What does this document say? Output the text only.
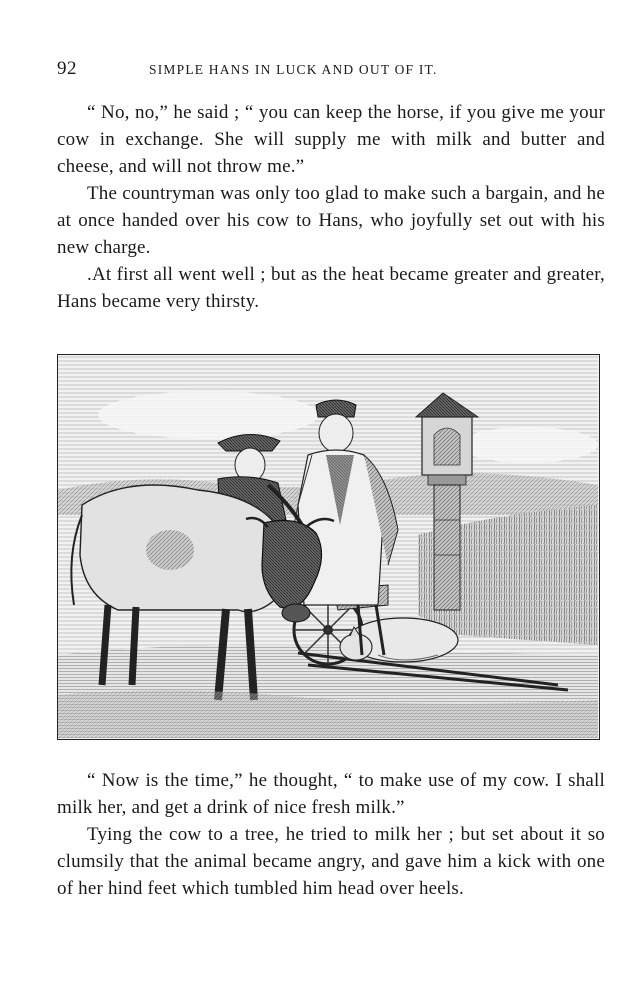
92	SIMPLE HANS IN LUCK AND OUT OF IT.

“ No, no,” he said ; “ you can keep the horse, if you give me your cow in exchange. She will supply me with milk and butter and cheese, and will not throw me.”

The countryman was only too glad to make such a bargain, and he at once handed over his cow to Hans, who joyfully set out with his new charge.

.At first all went well ; but as the heat became greater and greater, Hans became very thirsty.

“ Now is the time,” he thought, “ to make use of my cow. I shall milk her, and get a drink of nice fresh milk.”

Tying the cow to a tree, he tried to milk her ; but set about it so clumsily that the animal became angry, and gave him a kick with one of her hind feet which tumbled him head over heels.
